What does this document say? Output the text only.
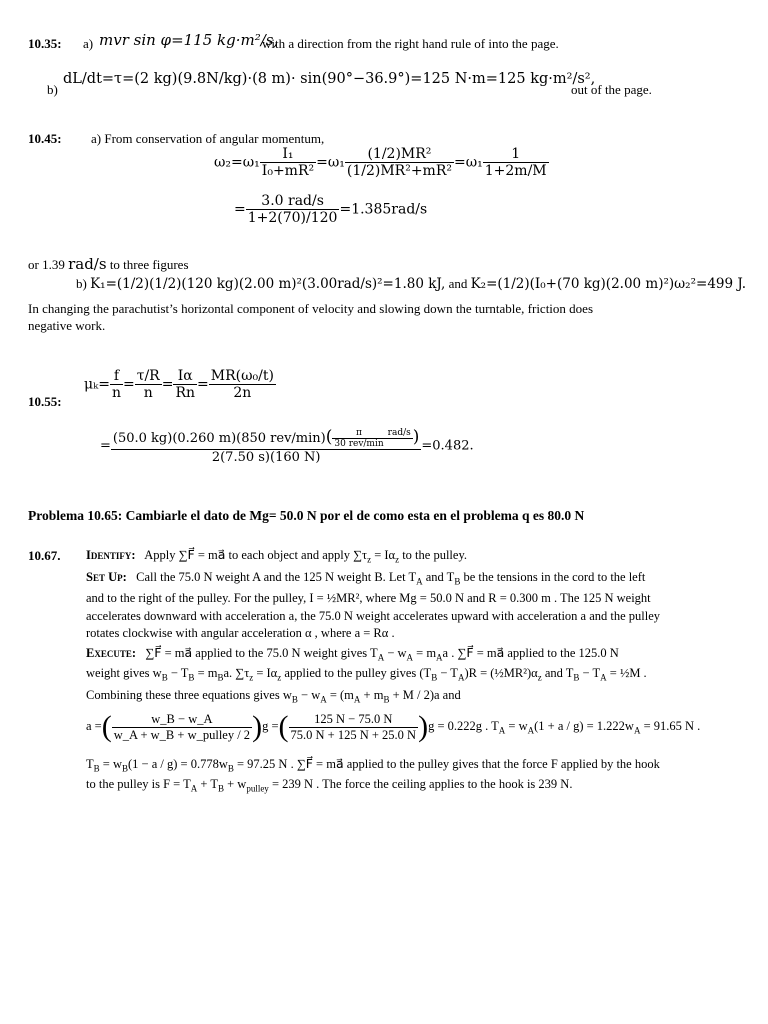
10.35: a) mvr sin φ=115 kg·m²/s,
with a direction from the right hand rule of into the page.
b)
dL/dt=τ=(2 kg)(9.8N/kg)·(8 m)· sin(90°−36.9°)=125 N·m=125 kg·m²/s²,
out of the page.
10.45: a) From conservation of angular momentum,
$\omega_2=\omega_1 \frac{\text{I₁}}{\text{I₀+mR²}} =\omega_1 \frac{\text{(1/2)MR²}}{\text{(1/2)MR²+mR²}} =\omega_1 \frac{1}{1+2m/M}$
= $\frac{\text{3.0 rad/s}}{1+2(70)/120} =1.385rad/s$
or 1.39 rad/s to three figures
b) K₁=(1/2)(1/2)(120 kg)(2.00 m)²(3.00rad/s)²=1.80 kJ, and K₂=(1/2)(I₀+(70 kg)(2.00 m)²)ω₂²=499 J.
In changing the parachutist’s horizontal component of velocity and slowing down the turntable, friction does
negative work.
10.55:
$\mu_k= \frac{f}{n} = \frac{\tau/R}{n} = \frac{I\alpha}{Rn} = \frac{\text{MR(ω₀/t)}}{2n}$
= (50.0 kg)(0.260 m)(850 $rev/\min)( \frac{\pi}{\text{30 rev/min}} rad/s$
)
2(7.50 s)(160 N) =0.482.
Problema 10.65: Cambiarle el dato de Mg= 50.0 N por el de como esta en el problema q es 80.0 N
10.67. Identify: Apply ∑F⃗ = ma⃗ to each object and apply $\sum\tau_z = I\alpha_z$ to the pulley.
Set Up: Call the 75.0 N weight A and the 125 N weight B. Let $T_A$ and $T_B$ be the tensions in the cord to the left
and to the right of the pulley. For the pulley, I = ½MR², where Mg = 50.0 N and R = 0.300 m . The 125 N weight
accelerates downward with acceleration a, the 75.0 N weight accelerates upward with acceleration a and the pulley
rotates clockwise with angular acceleration α , where a = Rα .
Execute: ∑F⃗ = ma⃗ applied to the 75.0 N weight gives $T_A - w_A = m_Aa$ . ∑F⃗ = ma⃗ applied to the 125.0 N
weight gives $w_B - T_B = m_Ba$. $\sum\tau_z = I\alpha_z$ applied to the pulley gives $(T_B - T_A)R$ = $(\frac{1}{2}MR^2)\alpha_z$ and $T_B - T_A$ = ½M .
Combining these three equations gives $w_B - w_A = (m_A + m_B + M / 2)a$ and
a =( $\frac{w\_B - w\_A}{\text{w\_A + w\_B + w\_pulley / 2}} )g$ =( $\frac{125 N - 75.0 N}{75.0 N + 125 N + 25.0 N} )g = 0.222g$ . $T_A = w_A(1 + a / g) = 1.222w_A = 91.65$ N .
$T_B = w_B(1 - a / g) = 0.778w_B = 97.25$ N . ∑F⃗ = ma⃗ applied to the pulley gives that the force F applied by the hook
to the pulley is $F = T_A + T_B + w_{pulley} = 239$ N . The force the ceiling applies to the hook is 239 N.
